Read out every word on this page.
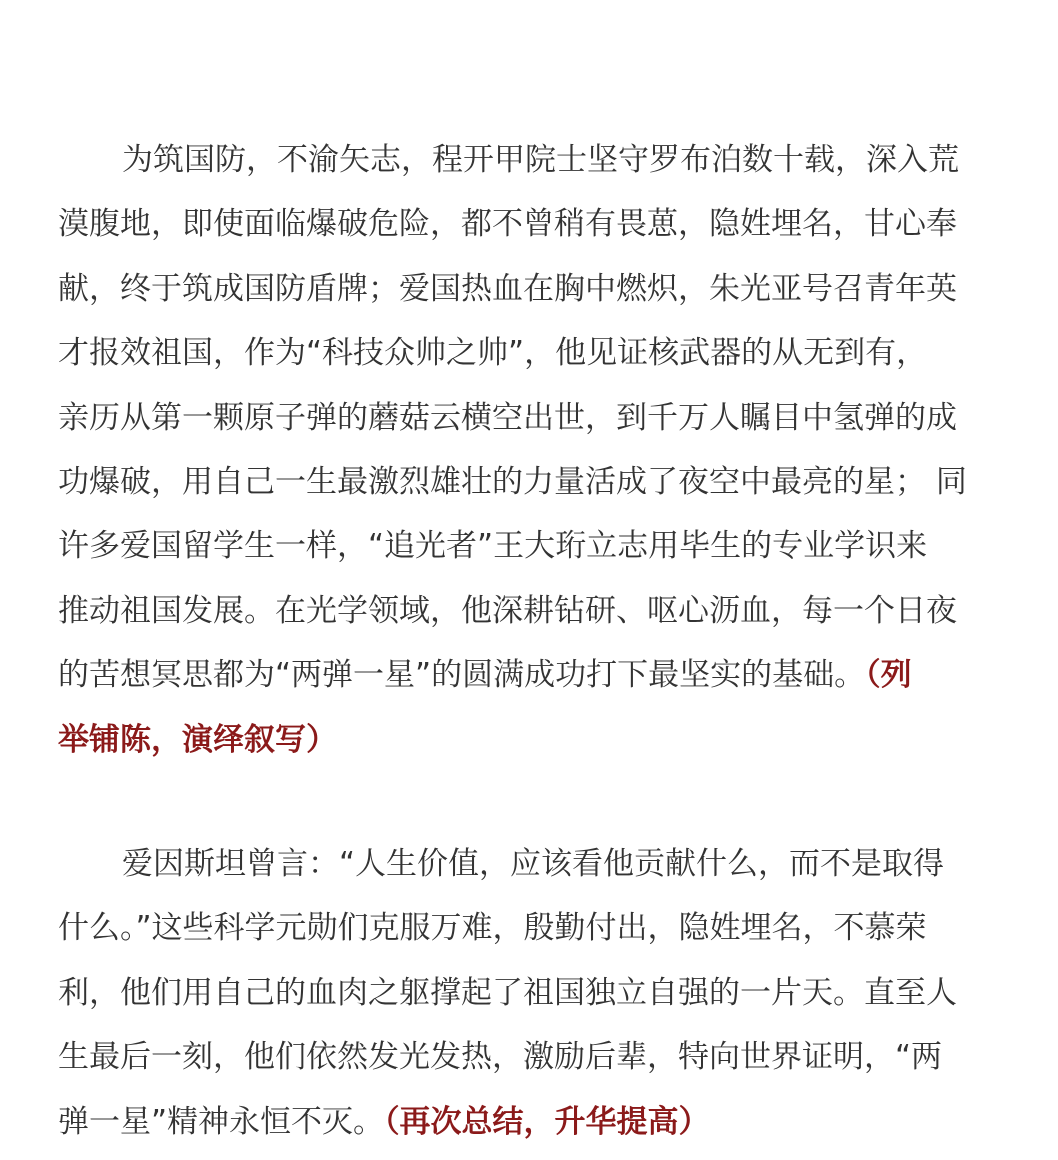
为筑国防，不渝矢志，程开甲院士坚守罗布泊数十载，深入荒
漠腹地，即使面临爆破危险，都不曾稍有畏葸，隐姓埋名，甘心奉
献，终于筑成国防盾牌；爱国热血在胸中燃炽，朱光亚号召青年英
才报效祖国，作为“科技众帅之帅”，他见证核武器的从无到有，
亲历从第一颗原子弹的蘑菇云横空出世，到千万人瞩目中氢弹的成
功爆破，用自己一生最激烈雄壮的力量活成了夜空中最亮的星； 同
许多爱国留学生一样，“追光者”王大珩立志用毕生的专业学识来
推动祖国发展。在光学领域，他深耕钻研、呕心沥血，每一个日夜
的苦想冥思都为“两弹一星”的圆满成功打下最坚实的基础。（列
举铺陈，演绎叙写）
爱因斯坦曾言：“人生价值，应该看他贡献什么，而不是取得
什么。”这些科学元勋们克服万难，殷勤付出，隐姓埋名，不慕荣
利，他们用自己的血肉之躯撑起了祖国独立自强的一片天。直至人
生最后一刻，他们依然发光发热，激励后辈，特向世界证明，“两
弹一星”精神永恒不灭。（再次总结，升华提高）
